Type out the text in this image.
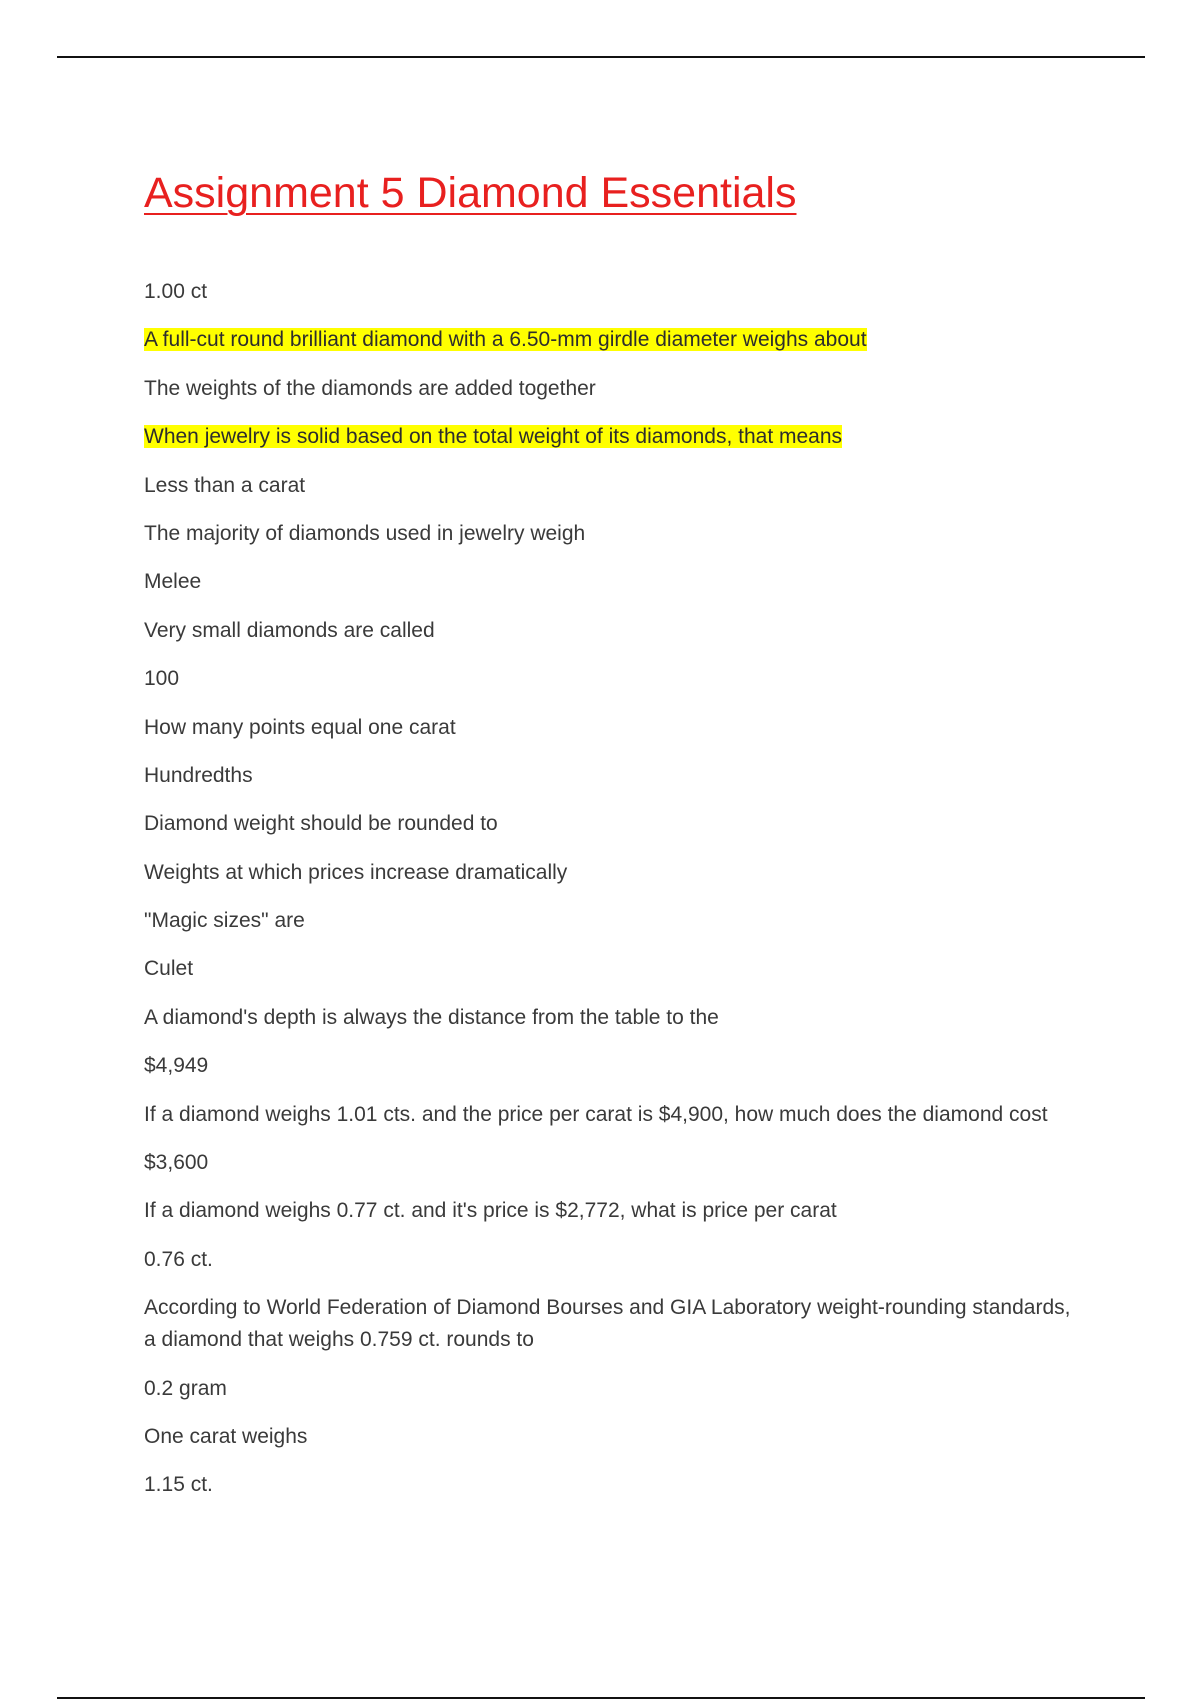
Assignment 5 Diamond Essentials

1.00 ct

A full-cut round brilliant diamond with a 6.50-mm girdle diameter weighs about

The weights of the diamonds are added together

When jewelry is solid based on the total weight of its diamonds, that means

Less than a carat

The majority of diamonds used in jewelry weigh

Melee

Very small diamonds are called

100

How many points equal one carat

Hundredths

Diamond weight should be rounded to

Weights at which prices increase dramatically

"Magic sizes" are

Culet

A diamond's depth is always the distance from the table to the

$4,949

If a diamond weighs 1.01 cts. and the price per carat is $4,900, how much does the diamond cost

$3,600

If a diamond weighs 0.77 ct. and it's price is $2,772, what is price per carat

0.76 ct.

According to World Federation of Diamond Bourses and GIA Laboratory weight-rounding standards, a diamond that weighs 0.759 ct. rounds to

0.2 gram

One carat weighs

1.15 ct.
